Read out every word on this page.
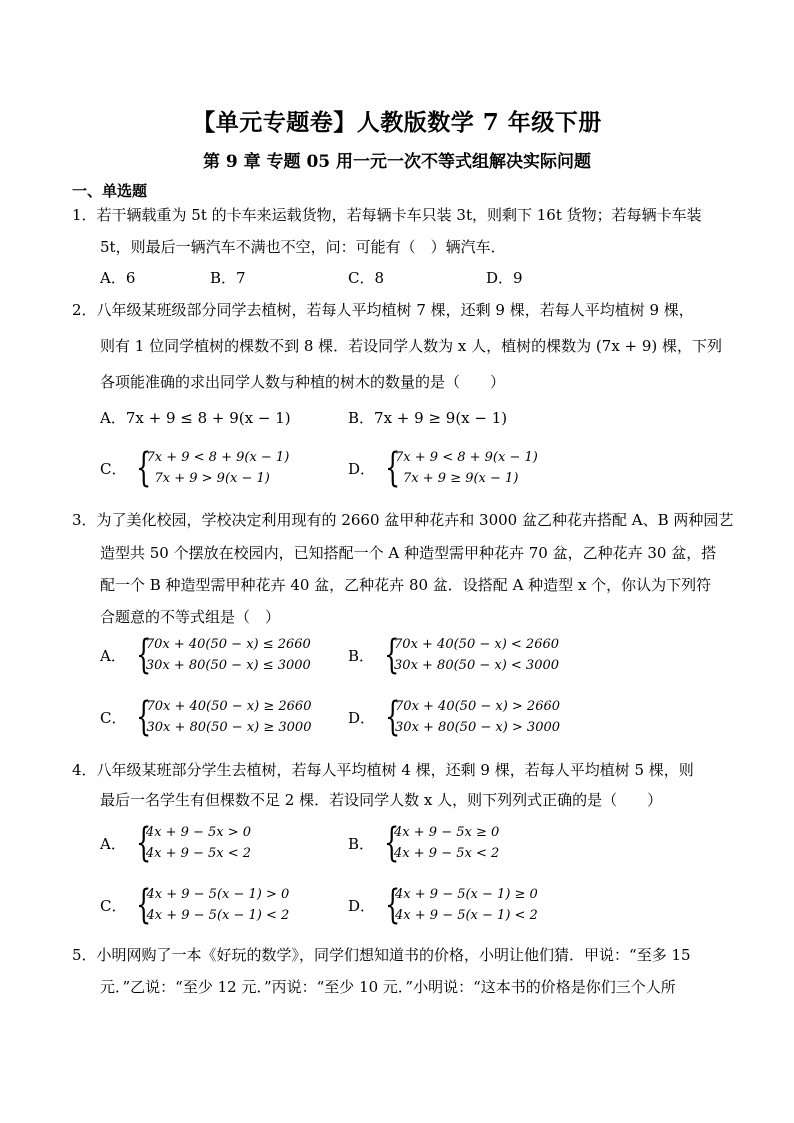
【单元专题卷】人教版数学 7 年级下册
第 9 章 专题 05 用一元一次不等式组解决实际问题
一、单选题
1．若干辆载重为 5t 的卡车来运载货物，若每辆卡车只装 3t，则剩下 16t 货物；若每辆卡车装
5t，则最后一辆汽车不满也不空，问：可能有（　）辆汽车．
A．6	B．7	C．8	D．9
2．八年级某班级部分同学去植树，若每人平均植树 7 棵，还剩 9 棵，若每人平均植树 9 棵，
则有 1 位同学植树的棵数不到 8 棵．若设同学人数为 x 人，植树的棵数为 (7x + 9) 棵，下列
各项能准确的求出同学人数与种植的树木的数量的是（　　）
A．7x + 9 ≤ 8 + 9(x − 1)	B．7x + 9 ≥ 9(x − 1)
C． {
7x + 9 < 8 + 9(x − 1)
7x + 9 > 9(x − 1)
D． {
7x + 9 < 8 + 9(x − 1)
7x + 9 ≥ 9(x − 1)
3．为了美化校园，学校决定利用现有的 2660 盆甲种花卉和 3000 盆乙种花卉搭配 A、B 两种园艺
造型共 50 个摆放在校园内，已知搭配一个 A 种造型需甲种花卉 70 盆，乙种花卉 30 盆，搭
配一个 B 种造型需甲种花卉 40 盆，乙种花卉 80 盆．设搭配 A 种造型 x 个，你认为下列符
合题意的不等式组是（　）
A． {
70x + 40(50 − x) ≤ 2660
30x + 80(50 − x) ≤ 3000
B． {
70x + 40(50 − x) < 2660
30x + 80(50 − x) < 3000
C． {
70x + 40(50 − x) ≥ 2660
30x + 80(50 − x) ≥ 3000
D． {
70x + 40(50 − x) > 2660
30x + 80(50 − x) > 3000
4．八年级某班部分学生去植树，若每人平均植树 4 棵，还剩 9 棵，若每人平均植树 5 棵，则
最后一名学生有但棵数不足 2 棵．若设同学人数 x 人，则下列列式正确的是（　　）
A． {
4x + 9 − 5x > 0
4x + 9 − 5x < 2
B． {
4x + 9 − 5x ≥ 0
4x + 9 − 5x < 2
C． {
4x + 9 − 5(x − 1) > 0
4x + 9 − 5(x − 1) < 2
D． {
4x + 9 − 5(x − 1) ≥ 0
4x + 9 − 5(x − 1) < 2
5．小明网购了一本《好玩的数学》，同学们想知道书的价格，小明让他们猜．甲说：“至多 15
元．”乙说：“至少 12 元．”丙说：“至少 10 元．”小明说：“这本书的价格是你们三个人所
